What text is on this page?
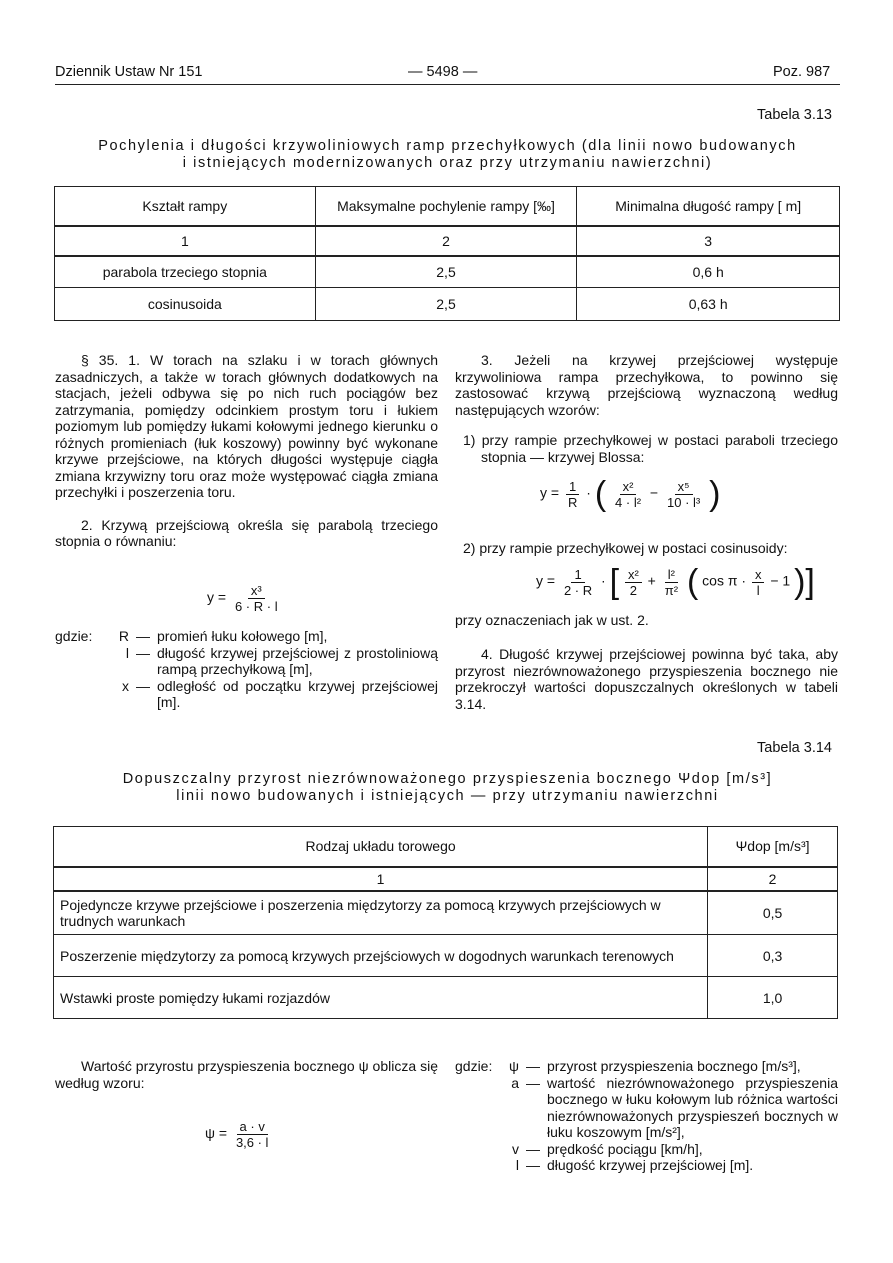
Dziennik Ustaw Nr 151	— 5498 —	Poz. 987
Tabela 3.13
Pochylenia i długości krzywoliniowych ramp przechyłkowych (dla linii nowo budowanych
i istniejących modernizowanych oraz przy utrzymaniu nawierzchni)
Kształt rampy	Maksymalne pochylenie rampy [‰]	Minimalna długość rampy [ m]
1	2	3
parabola trzeciego stopnia	2,5	0,6 h
cosinusoida	2,5	0,63 h

§ 35. 1. W torach na szlaku i w torach głównych zasadniczych, a także w torach głównych dodatkowych na stacjach, jeżeli odbywa się po nich ruch pociągów bez zatrzymania, pomiędzy odcinkiem prostym toru i łukiem poziomym lub pomiędzy łukami kołowymi jednego kierunku o różnych promieniach (łuk koszowy) powinny być wykonane krzywe przejściowe, na których długości występuje ciągła zmiana krzywizny toru oraz może występować ciągła zmiana przechyłki i poszerzenia toru.

2. Krzywą przejściową określa się parabolą trzeciego stopnia o równaniu:

$y = \frac{\text{x³}}{6 \cdot R \cdot l}$
gdzie:	R — promień łuku kołowego [m],
l — długość krzywej przejściowej z prostoliniową rampą przechyłkową [m],
x — odległość od początku krzywej przejściowej [m].

3. Jeżeli na krzywej przejściowej występuje krzywoliniowa rampa przechyłkowa, to powinno się zastosować krzywą przejściową wyznaczoną według następujących wzorów:

1) przy rampie przechyłkowej w postaci paraboli trzeciego stopnia — krzywej Blossa:

$y = \frac{1}{R}$ · ( $\frac{\text{x²}}{\text{4 · l²}} - \frac{\text{x⁵}}{\text{10 · l³}}$ )
2) przy rampie przechyłkowej w postaci cosinusoidy:
$y = \frac{1}{2 \cdot R}$ · [ $\frac{\text{x²}}{2} + \frac{\text{l²}}{\text{π²}}$ ( $\cos \pi \cdot \frac{x}{l} - 1$ )]
przy oznaczeniach jak w ust. 2.

4. Długość krzywej przejściowej powinna być taka, aby przyrost niezrównoważonego przyspieszenia bocznego nie przekroczył wartości dopuszczalnych określonych w tabeli 3.14.

Tabela 3.14
Dopuszczalny przyrost niezrównoważonego przyspieszenia bocznego Ψdop [m/s³]
linii nowo budowanych i istniejących — przy utrzymaniu nawierzchni
Rodzaj układu torowego	Ψdop [m/s³]
1	2
Pojedyncze krzywe przejściowe i poszerzenia międzytorzy za pomocą krzywych przejściowych w trudnych warunkach	0,5
Poszerzenie międzytorzy za pomocą krzywych przejściowych w dogodnych warunkach terenowych	0,3
Wstawki proste pomiędzy łukami rozjazdów	1,0

Wartość przyrostu przyspieszenia bocznego ψ oblicza się według wzoru:

$\psi = \frac{a \cdot v}{3,6 \cdot l}$
gdzie:	ψ — przyrost przyspieszenia bocznego [m/s³],
a — wartość niezrównoważonego przyspieszenia bocznego w łuku kołowym lub różnica wartości niezrównoważonych przyspieszeń bocznych w łuku koszowym [m/s²],
v — prędkość pociągu [km/h],
l — długość krzywej przejściowej [m].
